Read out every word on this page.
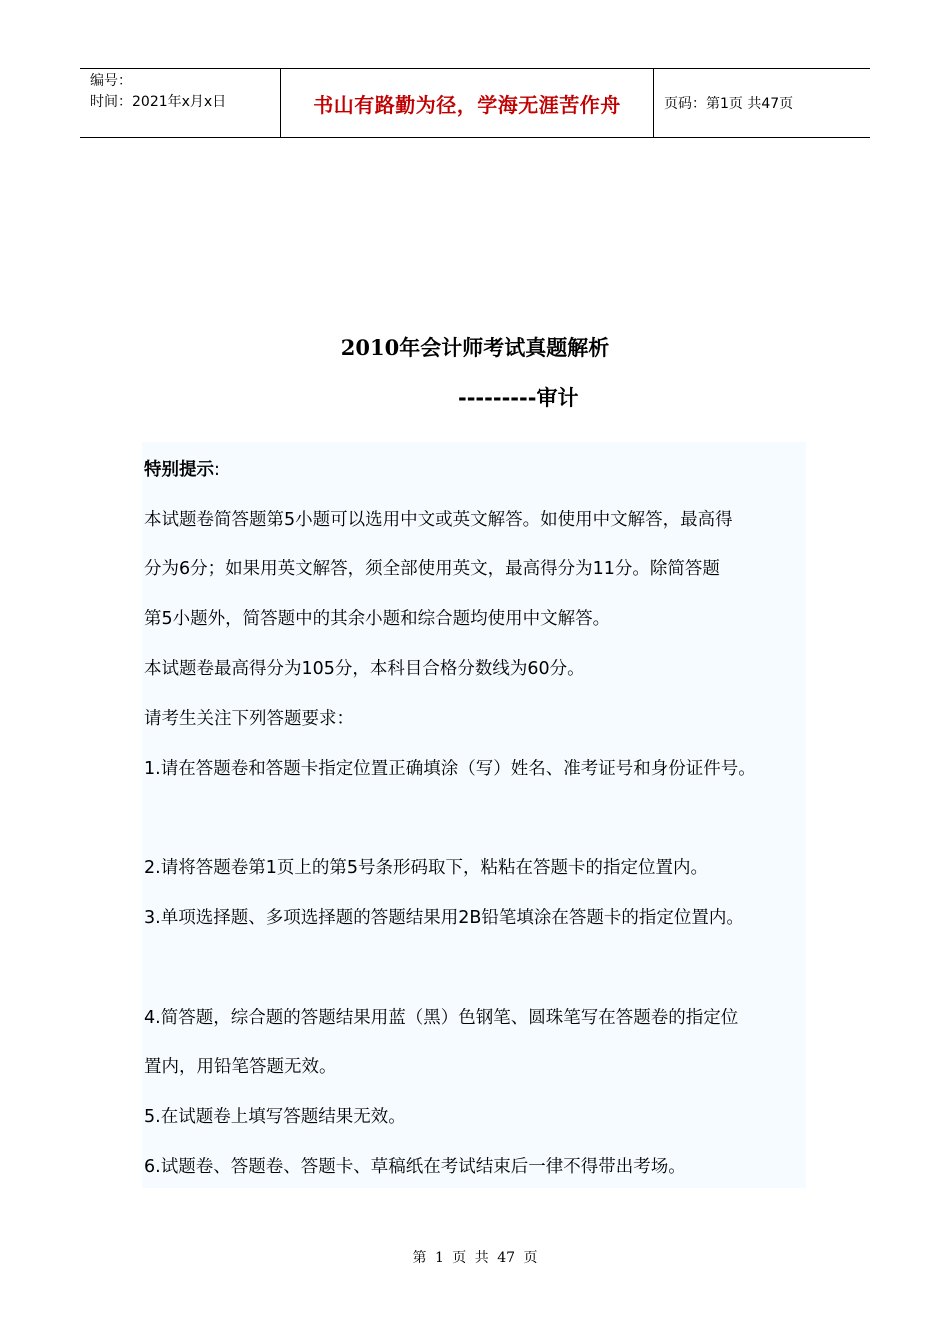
编号：
时间：2021年x月x日	书山有路勤为径，学海无涯苦作舟	页码：第1页 共47页
2010年会计师考试真题解析
---------审计
特别提示:
本试题卷简答题第5小题可以选用中文或英文解答。如使用中文解答，最高得
分为6分；如果用英文解答，须全部使用英文，最高得分为11分。除简答题
第5小题外，简答题中的其余小题和综合题均使用中文解答。
本试题卷最高得分为105分，本科目合格分数线为60分。
请考生关注下列答题要求：
1.请在答题卷和答题卡指定位置正确填涂（写）姓名、准考证号和身份证件号。
2.请将答题卷第1页上的第5号条形码取下，粘粘在答题卡的指定位置内。
3.单项选择题、多项选择题的答题结果用2B铅笔填涂在答题卡的指定位置内。
4.简答题，综合题的答题结果用蓝（黑）色钢笔、圆珠笔写在答题卷的指定位
置内，用铅笔答题无效。
5.在试题卷上填写答题结果无效。
6.试题卷、答题卷、答题卡、草稿纸在考试结束后一律不得带出考场。
第 1 页 共 47 页
